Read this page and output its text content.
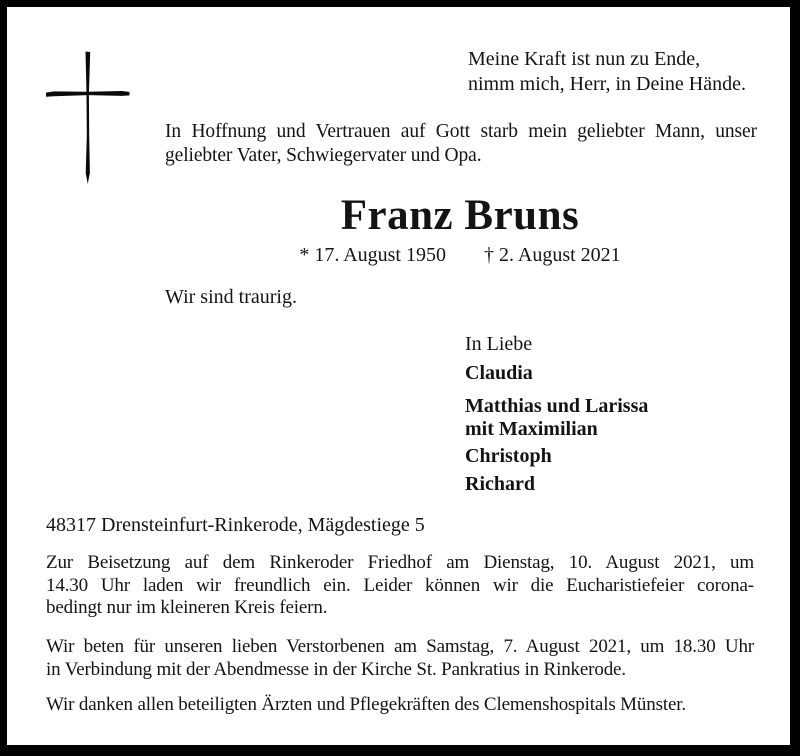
Meine Kraft ist nun zu Ende,
nimm mich, Herr, in Deine Hände.
In Hoffnung und Vertrauen auf Gott starb mein geliebter Mann, unser
geliebter Vater, Schwiegervater und Opa.
Franz Bruns
* 17. August 1950 † 2. August 2021
Wir sind traurig.
In Liebe
Claudia
Matthias und Larissa
mit Maximilian
Christoph
Richard
48317 Drensteinfurt-Rinkerode, Mägdestiege 5
Zur Beisetzung auf dem Rinkeroder Friedhof am Dienstag, 10. August 2021, um
14.30 Uhr laden wir freundlich ein. Leider können wir die Eucharistiefeier corona-
bedingt nur im kleineren Kreis feiern.
Wir beten für unseren lieben Verstorbenen am Samstag, 7. August 2021, um 18.30 Uhr
in Verbindung mit der Abendmesse in der Kirche St. Pankratius in Rinkerode.
Wir danken allen beteiligten Ärzten und Pflegekräften des Clemenshospitals Münster.
